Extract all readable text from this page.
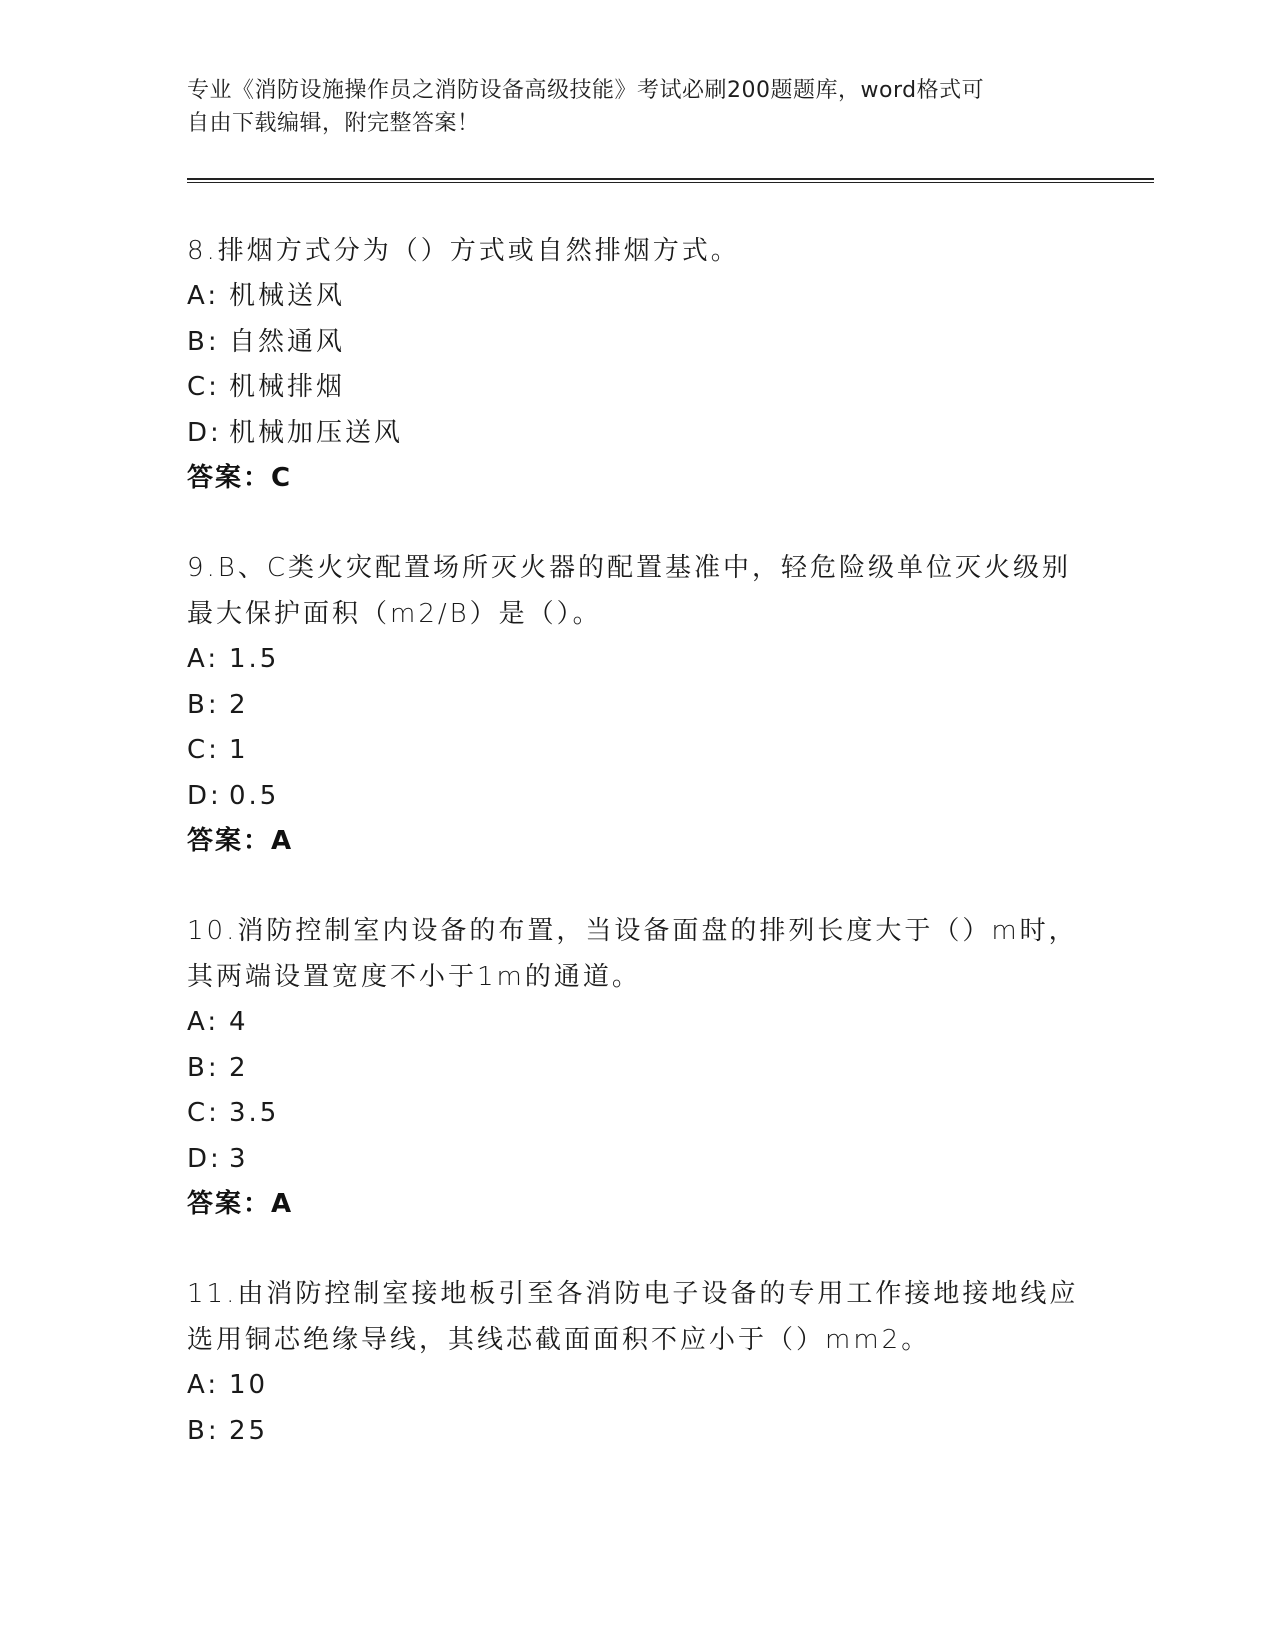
专业《消防设施操作员之消防设备高级技能》考试必刷200题题库，word格式可
自由下载编辑，附完整答案！
8.排烟方式分为（）方式或自然排烟方式。
A: 机械送风
B: 自然通风
C: 机械排烟
D: 机械加压送风
答案：C
9.B、C类火灾配置场所灭火器的配置基准中，轻危险级单位灭火级别最大保护面积（m2/B）是（）。
A: 1.5
B: 2
C: 1
D: 0.5
答案：A
10.消防控制室内设备的布置，当设备面盘的排列长度大于（）m时，其两端设置宽度不小于1m的通道。
A: 4
B: 2
C: 3.5
D: 3
答案：A
11.由消防控制室接地板引至各消防电子设备的专用工作接地接地线应选用铜芯绝缘导线，其线芯截面面积不应小于（）mm2。
A: 10
B: 25
